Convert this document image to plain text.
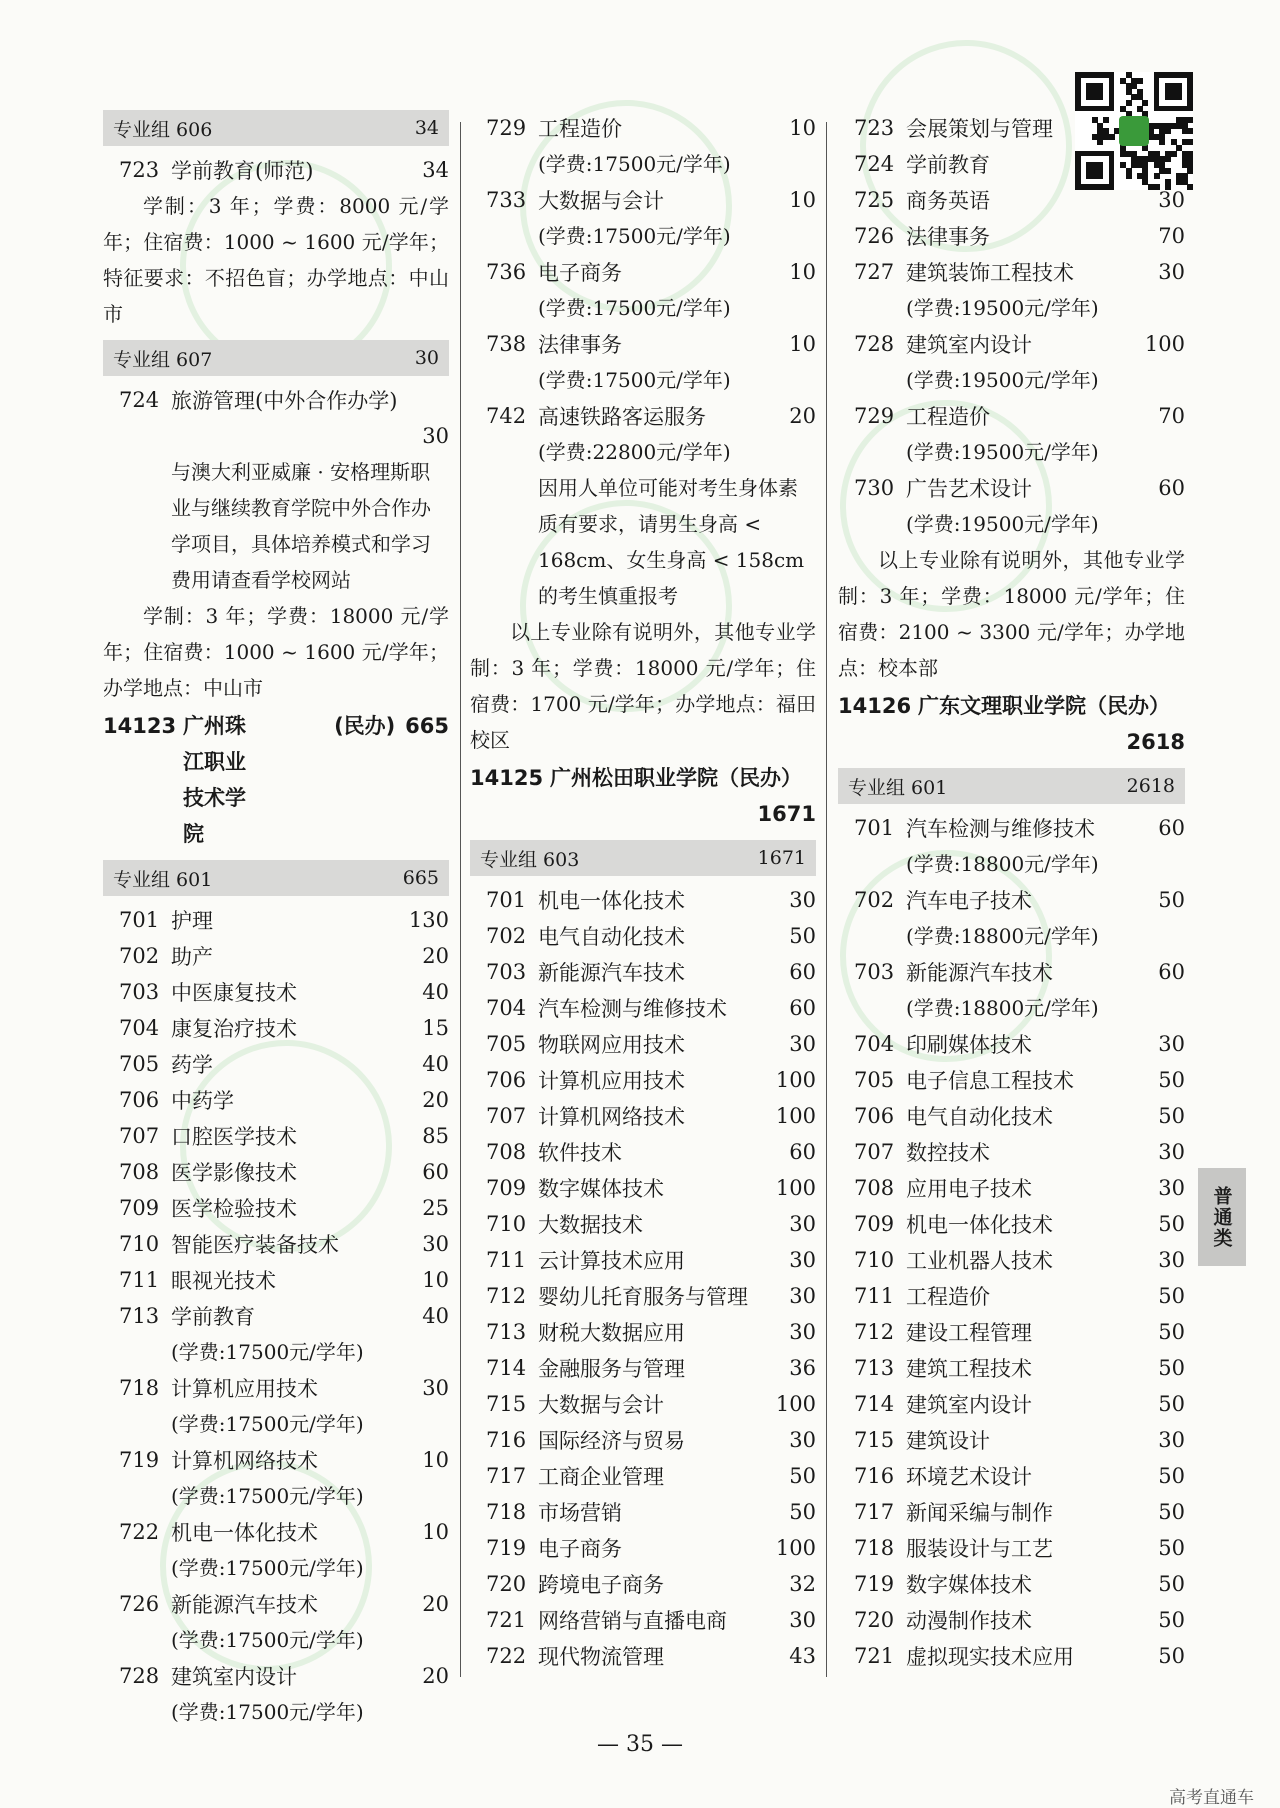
专业组 606	34
723 学前教育(师范)	34
学制：3 年；学费：8000 元/学年；住宿费：1000 ~ 1600 元/学年；特征要求：不招色盲；办学地点：中山市
专业组 607	30
724 旅游管理(中外合作办学)
30
与澳大利亚威廉 · 安格理斯职业与继续教育学院中外合作办学项目，具体培养模式和学习费用请查看学校网站
学制：3 年；学费：18000 元/学年；住宿费：1000 ~ 1600 元/学年；办学地点：中山市
14123 广州珠江职业技术学院
(民办) 665
专业组 601	665
701 护理	130
702 助产	20
703 中医康复技术	40
704 康复治疗技术	15
705 药学	40
706 中药学	20
707 口腔医学技术	85
708 医学影像技术	60
709 医学检验技术	25
710 智能医疗装备技术	30
711 眼视光技术	10
713 学前教育	40
(学费:17500元/学年)
718 计算机应用技术	30
(学费:17500元/学年)
719 计算机网络技术	10
(学费:17500元/学年)
722 机电一体化技术	10
(学费:17500元/学年)
726 新能源汽车技术	20
(学费:17500元/学年)
728 建筑室内设计	20
(学费:17500元/学年)
729 工程造价	10
(学费:17500元/学年)
733 大数据与会计	10
(学费:17500元/学年)
736 电子商务	10
(学费:17500元/学年)
738 法律事务	10
(学费:17500元/学年)
742 高速铁路客运服务	20
(学费:22800元/学年)
因用人单位可能对考生身体素质有要求，请男生身高 < 168cm、女生身高 < 158cm 的考生慎重报考
以上专业除有说明外，其他专业学制：3 年；学费：18000 元/学年；住宿费：1700 元/学年；办学地点：福田校区
14125 广州松田职业学院（民办）
1671
专业组 603	1671
701 机电一体化技术	30
702 电气自动化技术	50
703 新能源汽车技术	60
704 汽车检测与维修技术	60
705 物联网应用技术	30
706 计算机应用技术	100
707 计算机网络技术	100
708 软件技术	60
709 数字媒体技术	100
710 大数据技术	30
711 云计算技术应用	30
712 婴幼儿托育服务与管理	30
713 财税大数据应用	30
714 金融服务与管理	36
715 大数据与会计	100
716 国际经济与贸易	30
717 工商企业管理	50
718 市场营销	50
719 电子商务	100
720 跨境电子商务	32
721 网络营销与直播电商	30
722 现代物流管理	43
723 会展策划与管理
724 学前教育
725 商务英语	30
726 法律事务	70
727 建筑装饰工程技术	30
(学费:19500元/学年)
728 建筑室内设计	100
(学费:19500元/学年)
729 工程造价	70
(学费:19500元/学年)
730 广告艺术设计	60
(学费:19500元/学年)
以上专业除有说明外，其他专业学制：3 年；学费：18000 元/学年；住宿费：2100 ~ 3300 元/学年；办学地点：校本部
14126 广东文理职业学院（民办）
2618
专业组 601	2618
701 汽车检测与维修技术	60
(学费:18800元/学年)
702 汽车电子技术	50
(学费:18800元/学年)
703 新能源汽车技术	60
(学费:18800元/学年)
704 印刷媒体技术	30
705 电子信息工程技术	50
706 电气自动化技术	50
707 数控技术	30
708 应用电子技术	30
709 机电一体化技术	50
710 工业机器人技术	30
711 工程造价	50
712 建设工程管理	50
713 建筑工程技术	50
714 建筑室内设计	50
715 建筑设计	30
716 环境艺术设计	50
717 新闻采编与制作	50
718 服装设计与工艺	50
719 数字媒体技术	50
720 动漫制作技术	50
721 虚拟现实技术应用	50
普通类
— 35 —
高考直通车
